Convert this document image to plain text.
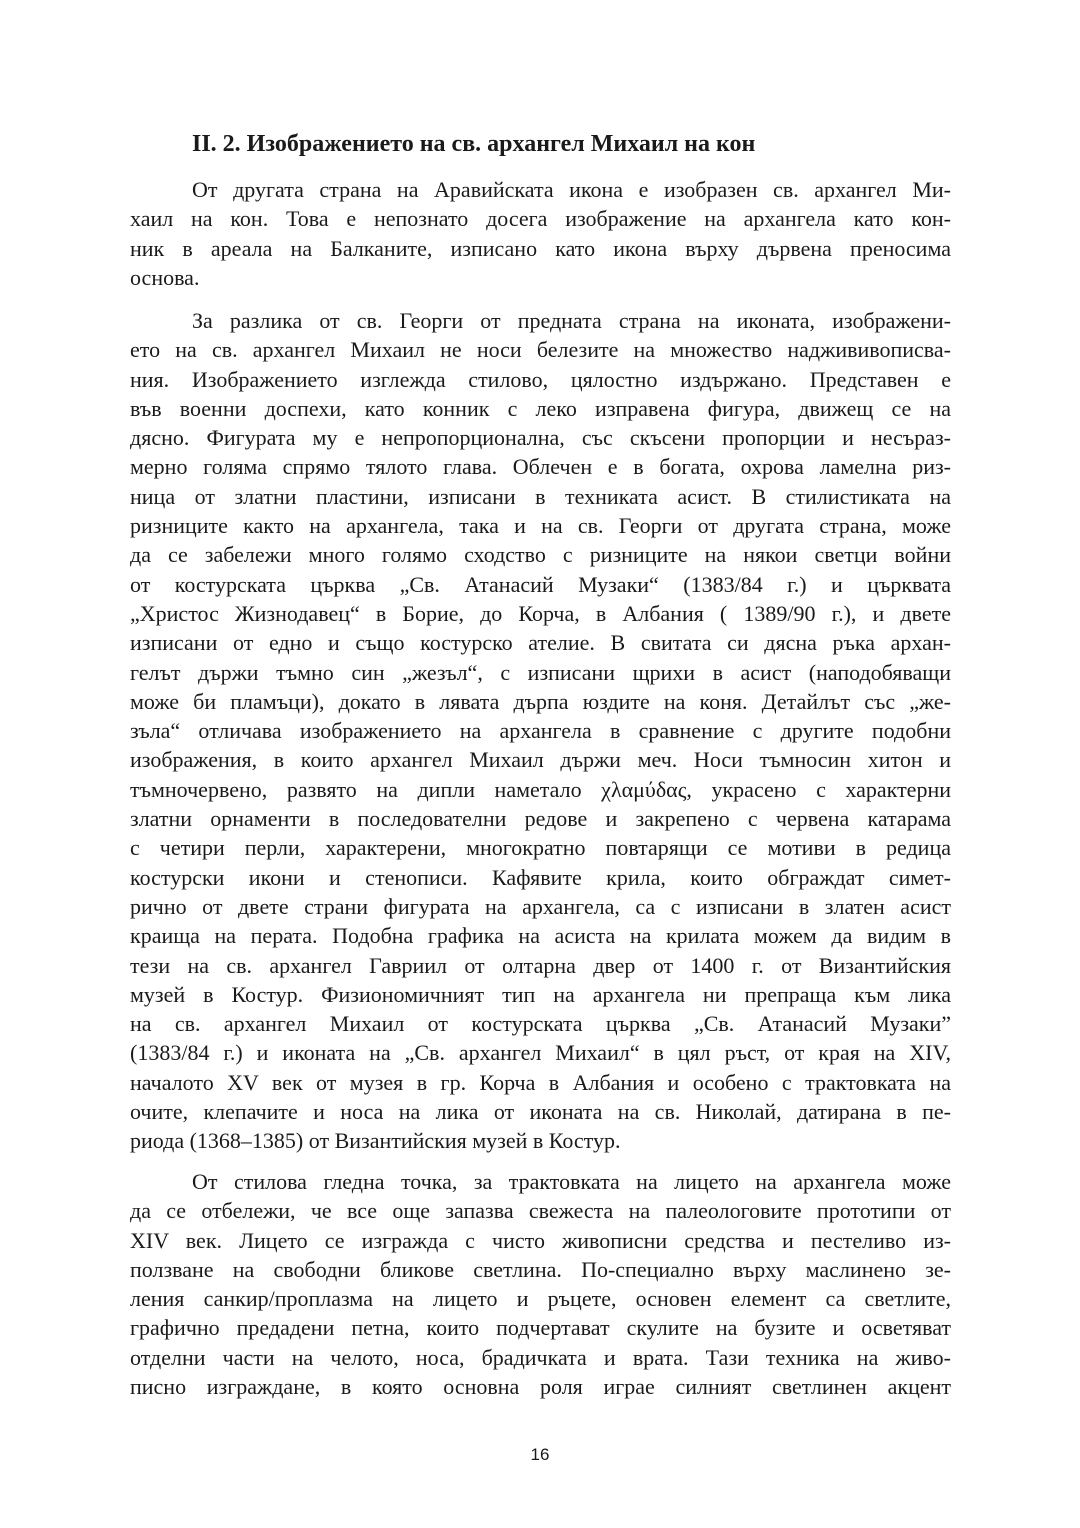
II. 2. Изображението на св. архангел Михаил на кон
От другата страна на Аравийската икона е изобразен св. архангел Ми-
хаил на кон. Това е непознато досега изображение на архангела като кон-
ник в ареала на Балканите, изписано като икона върху дървена преносима
основа.
За разлика от св. Георги от предната страна на иконата, изображени-
ето на св. архангел Михаил не носи белезите на множество наджививописва-
ния. Изображението изглежда стилово, цялостно издържано. Представен е
във военни доспехи, като конник с леко изправена фигура, движещ се на
дясно. Фигурата му е непропорционална, със скъсени пропорции и несъраз-
мерно голяма спрямо тялото глава. Облечен е в богата, охрова ламелна риз-
ница от златни пластини, изписани в техниката асист. В стилистиката на
ризниците както на архангела, така и на св. Георги от другата страна, може
да се забележи много голямо сходство с ризниците на някои светци войни
от костурската църква „Св. Атанасий Музаки“ (1383/84 г.) и църквата
„Христос Жизнодавец“ в Борие, до Корча, в Албания ( 1389/90 г.), и двете
изписани от едно и също костурско ателие. В свитата си дясна ръка архан-
гелът държи тъмно син „жезъл“, с изписани щрихи в асист (наподобяващи
може би пламъци), докато в лявата дърпа юздите на коня. Детайлът със „же-
зъла“ отличава изображението на архангела в сравнение с другите подобни
изображения, в които архангел Михаил държи меч. Носи тъмносин хитон и
тъмночервено, развято на дипли наметало χλαμύδας, украсено с характерни
златни орнаменти в последователни редове и закрепено с червена катарама
с четири перли, характерени, многократно повтарящи се мотиви в редица
костурски икони и стенописи. Кафявите крила, които обграждат симет-
рично от двете страни фигурата на архангела, са с изписани в златен асист
краища на перата. Подобна графика на асиста на крилата можем да видим в
тези на св. архангел Гавриил от олтарна двер от 1400 г. от Византийския
музей в Костур. Физиономичният тип на архангела ни препраща към лика
на св. архангел Михаил от костурската църква „Св. Атанасий Музаки”
(1383/84 г.) и иконата на „Св. архангел Михаил“ в цял ръст, от края на XIV,
началото XV век от музея в гр. Корча в Албания и особено с трактовката на
очите, клепачите и носа на лика от иконата на св. Николай, датирана в пе-
риода (1368–1385) от Византийския музей в Костур.
От стилова гледна точка, за трактовката на лицето на архангела може
да се отбележи, че все още запазва свежеста на палеологовите прототипи от
XIV век. Лицето се изгражда с чисто живописни средства и пестеливо из-
ползване на свободни бликове светлина. По-специално върху маслинено зе-
ления санкир/проплазма на лицето и ръцете, основен елемент са светлите,
графично предадени петна, които подчертават скулите на бузите и осветяват
отделни части на челото, носа, брадичката и врата. Тази техника на живо-
писно изграждане, в която основна роля играе силният светлинен акцент
16
